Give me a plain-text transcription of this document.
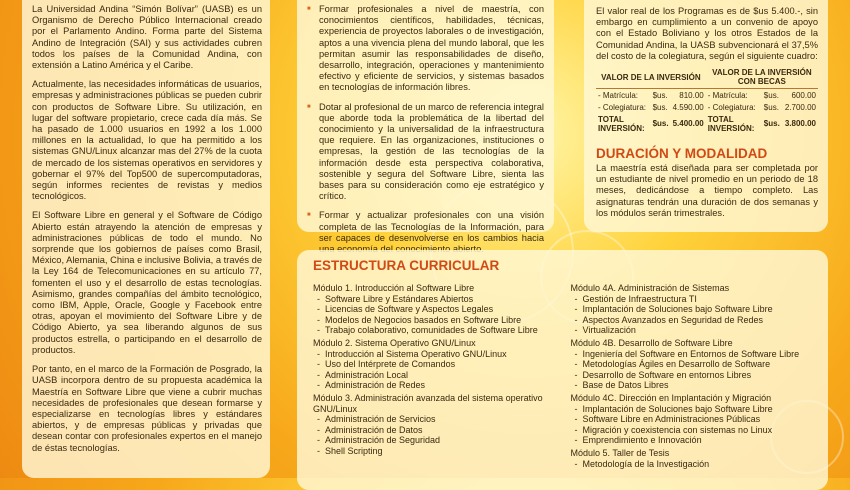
La Universidad Andina “Simón Bolívar” (UASB) es un Organismo de Derecho Público Internacional creado por el Parlamento Andino. Forma parte del Sistema Andino de Integración (SAI) y sus actividades cubren todos los países de la Comunidad Andina, con extensión a Latino América y el Caribe.

Actualmente, las necesidades informáticas de usuarios, empresas y administraciones públicas se pueden cubrir con productos de Software Libre. Su utilización, en lugar del software propietario, crece cada día más. Se ha pasado de 1.000 usuarios en 1992 a los 1.000 millones en la actualidad, lo que ha permitido a los sistemas GNU/Linux alcanzar mas del 27% de la cuota de mercado de los sistemas operativos en servidores y gobernar el 97% del Top500 de supercomputadoras, según informes recientes de revistas y medios tecnológicos.

El Software Libre en general y el Software de Código Abierto están atrayendo la atención de empresas y administraciones públicas de todo el mundo. No sorprende que los gobiernos de países como Brasil, México, Alemania, China e inclusive Bolivia, a través de la Ley 164 de Telecomunicaciones en su artículo 77, fomenten el uso y el desarrollo de estas tecnologías. Asimismo, grandes compañías del ámbito tecnológico, como IBM, Apple, Oracle, Google y Facebook entre otras, apoyan el movimiento del Software Libre y de Código Abierto, ya sea liberando algunos de sus productos estrella, o participando en el desarrollo de productos.

Por tanto, en el marco de la Formación de Posgrado, la UASB incorpora dentro de su propuesta académica la Maestría en Software Libre que viene a cubrir muchas necesidades de profesionales que desean formarse y especializarse en tecnologías libres y estándares abiertos, y de empresas públicas y privadas que desean contar con profesionales expertos en el manejo de éstas tecnologías.

■ Formar profesionales a nivel de maestría, con conocimientos científicos, habilidades, técnicas, experiencia de proyectos laborales o de investigación, aptos a una vivencia plena del mundo laboral, que les permitan asumir las responsabilidades de diseño, desarrollo, integración, operaciones y mantenimiento efectivo y eficiente de servicios, y sistemas basados en tecnologías de información libres.
■ Dotar al profesional de un marco de referencia integral que aborde toda la problemática de la libertad del conocimiento y la universalidad de la infraestructura que requiere. En las organizaciones, instituciones o empresas, la gestión de las tecnologías de la información desde esta perspectiva colaborativa, sostenible y segura del Software Libre, sienta las bases para su consideración como eje estratégico y crítico.
■ Formar y actualizar profesionales con una visión completa de las Tecnologías de la Información, para ser capaces de desenvolverse en los cambios hacia
El valor real de los Programas es de $us 5.400.-, sin embargo en cumplimiento a un convenio de apoyo con el Estado Boliviano y los otros Estados de la Comunidad Andina, la UASB subvencionará el 37,5% del costo de la colegiatura, según el siguiente cuadro:
VALOR DE LA INVERSIÓN			VALOR DE LA INVERSIÓN CON BECAS		
- Matrícula:	$us.	810.00	- Matrícula:	$us.	600.00
- Colegiatura:	$us.	4.590.00	- Colegiatura:	$us.	2.700.00
TOTAL INVERSIÓN:	$us.	5.400.00	TOTAL INVERSIÓN:	$us.	3.800.00
DURACIÓN Y MODALIDAD
La maestría está diseñada para ser completada por un estudiante de nivel promedio en un periodo de 18 meses, dedicándose a tiempo completo. Las asignaturas tendrán una duración de dos semanas y los módulos serán trimestrales.
ESTRUCTURA CURRICULAR
Módulo 1. Introducción al Software Libre
- Software Libre y Estándares Abiertos
- Licencias de Software y Aspectos Legales
- Modelos de Negocios basados en Software Libre
- Trabajo colaborativo, comunidades de Software Libre
Módulo 2. Sistema Operativo GNU/Linux
- Introducción al Sistema Operativo GNU/Linux
- Uso del Intérprete de Comandos
- Administración Local
- Administración de Redes
Módulo 3. Administración avanzada del sistema operativo GNU/Linux
- Administración de Servicios
- Administración de Datos
- Administración de Seguridad
- Shell Scripting
Módulo 4A. Administración de Sistemas
- Gestión de Infraestructura TI
- Implantación de Soluciones bajo Software Libre
- Aspectos Avanzados en Seguridad de Redes
- Virtualización
Módulo 4B. Desarrollo de Software Libre
- Ingeniería del Software en Entornos de Software Libre
- Metodologías Ágiles en Desarrollo de Software
- Desarrollo de Software en entornos Libres
- Base de Datos Libres
Módulo 4C. Dirección en Implantación y Migración
- Implantación de Soluciones bajo Software Libre
- Software Libre en Administraciones Públicas
- Migración y coexistencia con sistemas no Linux
- Emprendimiento e Innovación
Módulo 5. Taller de Tesis
- Metodología de la Investigación
